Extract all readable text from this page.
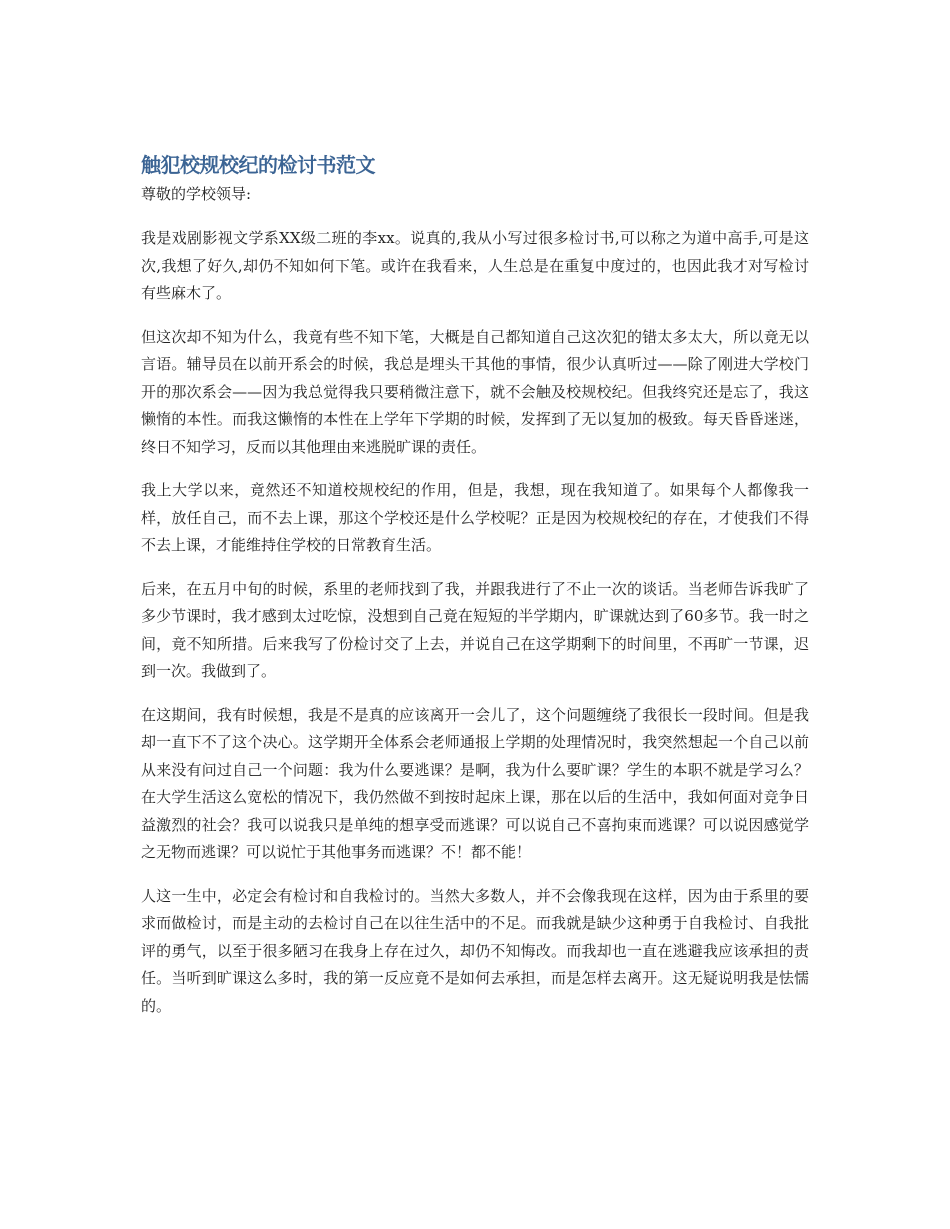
触犯校规校纪的检讨书范文

尊敬的学校领导:

我是戏剧影视文学系XX级二班的李xx。说真的,我从小写过很多检讨书,可以称之为道中高手,可是这次,我想了好久,却仍不知如何下笔。或许在我看来，人生总是在重复中度过的，也因此我才对写检讨有些麻木了。

但这次却不知为什么，我竟有些不知下笔，大概是自己都知道自己这次犯的错太多太大，所以竟无以言语。辅导员在以前开系会的时候，我总是埋头干其他的事情，很少认真听过——除了刚进大学校门开的那次系会——因为我总觉得我只要稍微注意下，就不会触及校规校纪。但我终究还是忘了，我这懒惰的本性。而我这懒惰的本性在上学年下学期的时候，发挥到了无以复加的极致。每天昏昏迷迷，终日不知学习，反而以其他理由来逃脱旷课的责任。

我上大学以来，竟然还不知道校规校纪的作用，但是，我想，现在我知道了。如果每个人都像我一样，放任自己，而不去上课，那这个学校还是什么学校呢？正是因为校规校纪的存在，才使我们不得不去上课，才能维持住学校的日常教育生活。

后来，在五月中旬的时候，系里的老师找到了我，并跟我进行了不止一次的谈话。当老师告诉我旷了多少节课时，我才感到太过吃惊，没想到自己竟在短短的半学期内，旷课就达到了60多节。我一时之间，竟不知所措。后来我写了份检讨交了上去，并说自己在这学期剩下的时间里，不再旷一节课，迟到一次。我做到了。

在这期间，我有时候想，我是不是真的应该离开一会儿了，这个问题缠绕了我很长一段时间。但是我却一直下不了这个决心。这学期开全体系会老师通报上学期的处理情况时，我突然想起一个自己以前从来没有问过自己一个问题：我为什么要逃课？是啊，我为什么要旷课？学生的本职不就是学习么？在大学生活这么宽松的情况下，我仍然做不到按时起床上课，那在以后的生活中，我如何面对竞争日益激烈的社会？我可以说我只是单纯的想享受而逃课？可以说自己不喜拘束而逃课？可以说因感觉学之无物而逃课？可以说忙于其他事务而逃课？不！都不能！

人这一生中，必定会有检讨和自我检讨的。当然大多数人，并不会像我现在这样，因为由于系里的要求而做检讨，而是主动的去检讨自己在以往生活中的不足。而我就是缺少这种勇于自我检讨、自我批评的勇气，以至于很多陋习在我身上存在过久，却仍不知悔改。而我却也一直在逃避我应该承担的责任。当听到旷课这么多时，我的第一反应竟不是如何去承担，而是怎样去离开。这无疑说明我是怯懦的。
